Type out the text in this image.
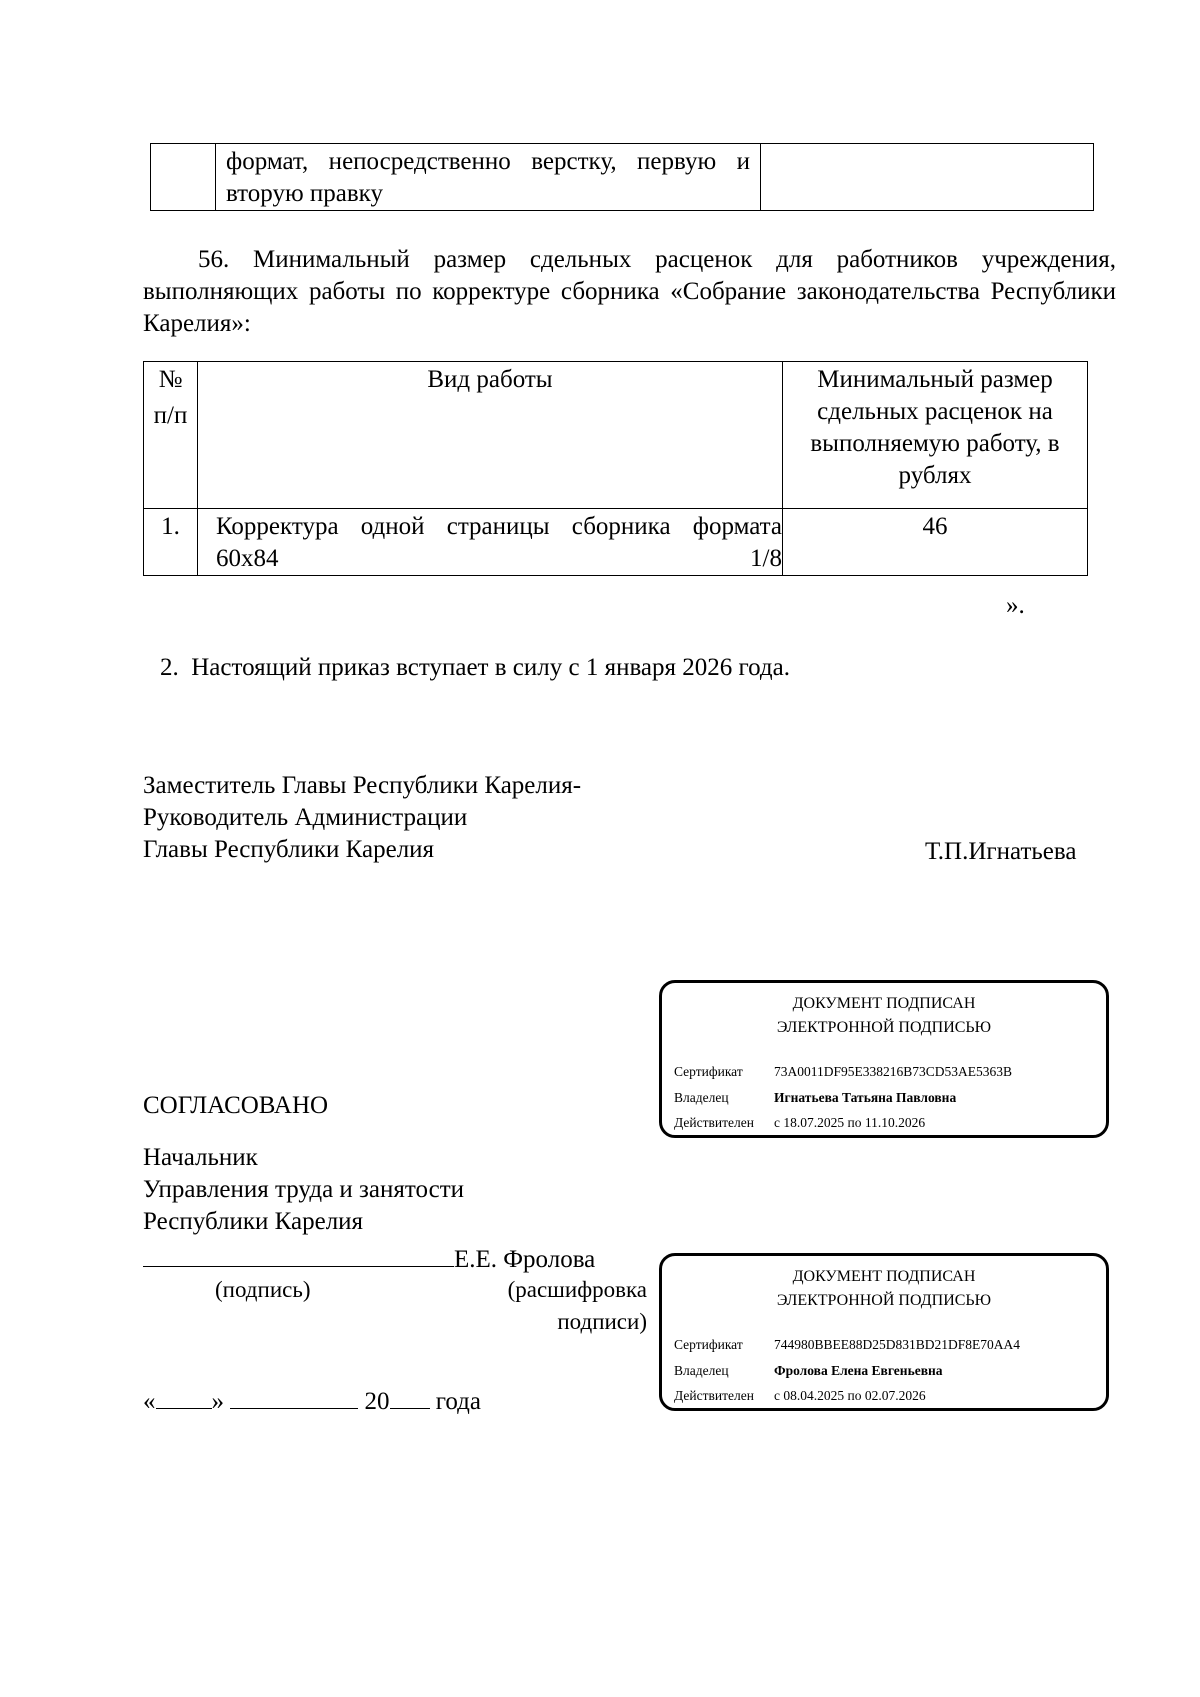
	формат, непосредственно верстку, первую и вторую правку	
56. Минимальный размер сдельных расценок для работников учреждения, выполняющих работы по корректуре сборника «Собрание законодательства Республики Карелия»:
№
п/п	Вид работы	Минимальный размер сдельных расценок на выполняемую работу, в рублях
1.	Корректура одной страницы сборника формата 60х84 1/8	46
».
2. Настоящий приказ вступает в силу с 1 января 2026 года.
Заместитель Главы Республики Карелия-
Руководитель Администрации
Главы Республики Карелия	Т.П.Игнатьева
ДОКУМЕНТ ПОДПИСАН
ЭЛЕКТРОННОЙ ПОДПИСЬЮ
Сертификат 73A0011DF95E338216B73CD53AE5363B
Владелец	Игнатьева Татьяна Павловна
Действителен с 18.07.2025 по 11.10.2026
СОГЛАСОВАНО
Начальник
Управления труда и занятости
Республики Карелия
Е.Е. Фролова
(подпись)	(расшифровка
подписи)
ДОКУМЕНТ ПОДПИСАН
ЭЛЕКТРОННОЙ ПОДПИСЬЮ
Сертификат 744980BBEE88D25D831BD21DF8E70AA4
Владелец	Фролова Елена Евгеньевна
Действителен с 08.04.2025 по 02.07.2026
« »	20 года
